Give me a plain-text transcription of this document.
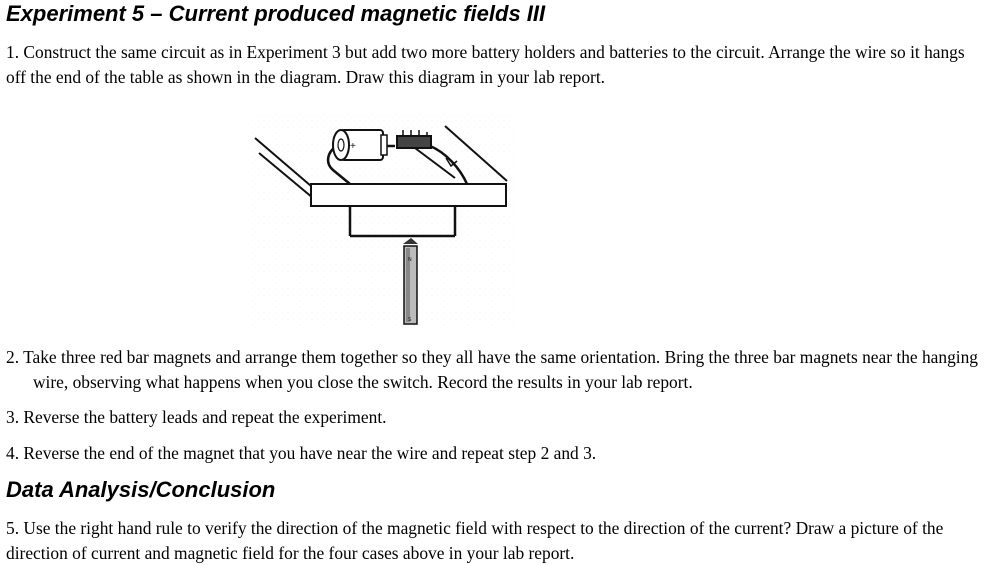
Experiment 5 – Current produced magnetic fields III

1. Construct the same circuit as in Experiment 3 but add two more battery holders and batteries to the circuit. Arrange the wire so it hangs off the end of the table as shown in the diagram. Draw this diagram in your lab report.

+
N
S

2. Take three red bar magnets and arrange them together so they all have the same orientation. Bring the three bar magnets near the hanging wire, observing what happens when you close the switch. Record the results in your lab report.

3. Reverse the battery leads and repeat the experiment.

4. Reverse the end of the magnet that you have near the wire and repeat step 2 and 3.

Data Analysis/Conclusion

5. Use the right hand rule to verify the direction of the magnetic field with respect to the direction of the current? Draw a picture of the direction of current and magnetic field for the four cases above in your lab report.
